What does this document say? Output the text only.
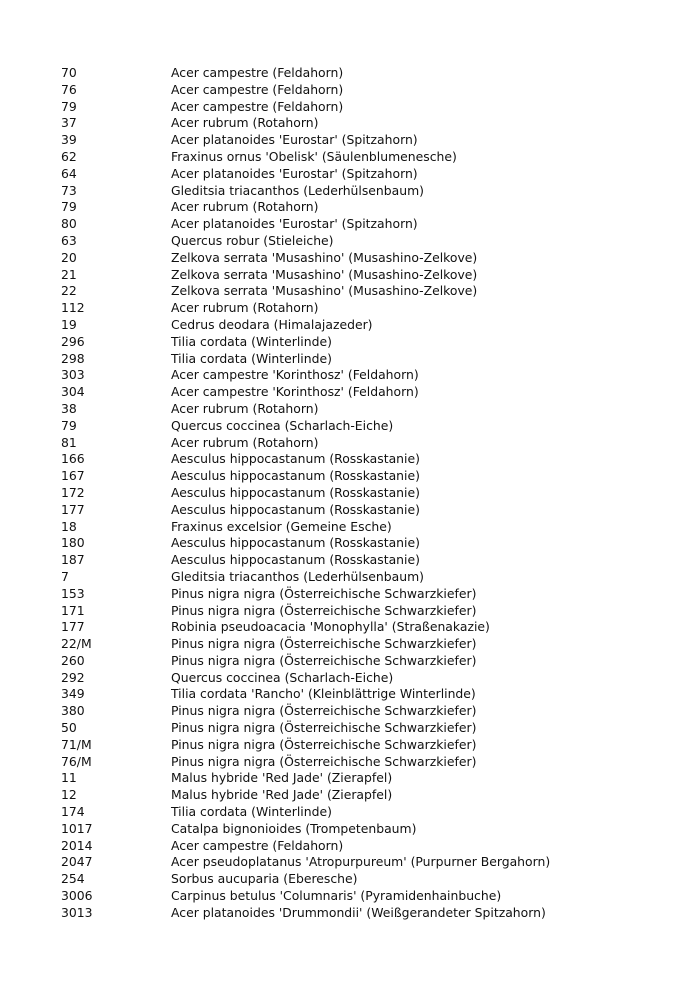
70	Acer campestre (Feldahorn)
76	Acer campestre (Feldahorn)
79	Acer campestre (Feldahorn)
37	Acer rubrum (Rotahorn)
39	Acer platanoides 'Eurostar' (Spitzahorn)
62	Fraxinus ornus 'Obelisk' (Säulenblumenesche)
64	Acer platanoides 'Eurostar' (Spitzahorn)
73	Gleditsia triacanthos (Lederhülsenbaum)
79	Acer rubrum (Rotahorn)
80	Acer platanoides 'Eurostar' (Spitzahorn)
63	Quercus robur (Stieleiche)
20	Zelkova serrata 'Musashino' (Musashino-Zelkove)
21	Zelkova serrata 'Musashino' (Musashino-Zelkove)
22	Zelkova serrata 'Musashino' (Musashino-Zelkove)
112	Acer rubrum (Rotahorn)
19	Cedrus deodara (Himalajazeder)
296	Tilia cordata (Winterlinde)
298	Tilia cordata (Winterlinde)
303	Acer campestre 'Korinthosz' (Feldahorn)
304	Acer campestre 'Korinthosz' (Feldahorn)
38	Acer rubrum (Rotahorn)
79	Quercus coccinea (Scharlach-Eiche)
81	Acer rubrum (Rotahorn)
166	Aesculus hippocastanum (Rosskastanie)
167	Aesculus hippocastanum (Rosskastanie)
172	Aesculus hippocastanum (Rosskastanie)
177	Aesculus hippocastanum (Rosskastanie)
18	Fraxinus excelsior (Gemeine Esche)
180	Aesculus hippocastanum (Rosskastanie)
187	Aesculus hippocastanum (Rosskastanie)
7	Gleditsia triacanthos (Lederhülsenbaum)
153	Pinus nigra nigra (Österreichische Schwarzkiefer)
171	Pinus nigra nigra (Österreichische Schwarzkiefer)
177	Robinia pseudoacacia 'Monophylla' (Straßenakazie)
22/M	Pinus nigra nigra (Österreichische Schwarzkiefer)
260	Pinus nigra nigra (Österreichische Schwarzkiefer)
292	Quercus coccinea (Scharlach-Eiche)
349	Tilia cordata 'Rancho' (Kleinblättrige Winterlinde)
380	Pinus nigra nigra (Österreichische Schwarzkiefer)
50	Pinus nigra nigra (Österreichische Schwarzkiefer)
71/M	Pinus nigra nigra (Österreichische Schwarzkiefer)
76/M	Pinus nigra nigra (Österreichische Schwarzkiefer)
11	Malus hybride 'Red Jade' (Zierapfel)
12	Malus hybride 'Red Jade' (Zierapfel)
174	Tilia cordata (Winterlinde)
1017	Catalpa bignonioides (Trompetenbaum)
2014	Acer campestre (Feldahorn)
2047	Acer pseudoplatanus 'Atropurpureum' (Purpurner Bergahorn)
254	Sorbus aucuparia (Eberesche)
3006	Carpinus betulus 'Columnaris' (Pyramidenhainbuche)
3013	Acer platanoides 'Drummondii' (Weißgerandeter Spitzahorn)
